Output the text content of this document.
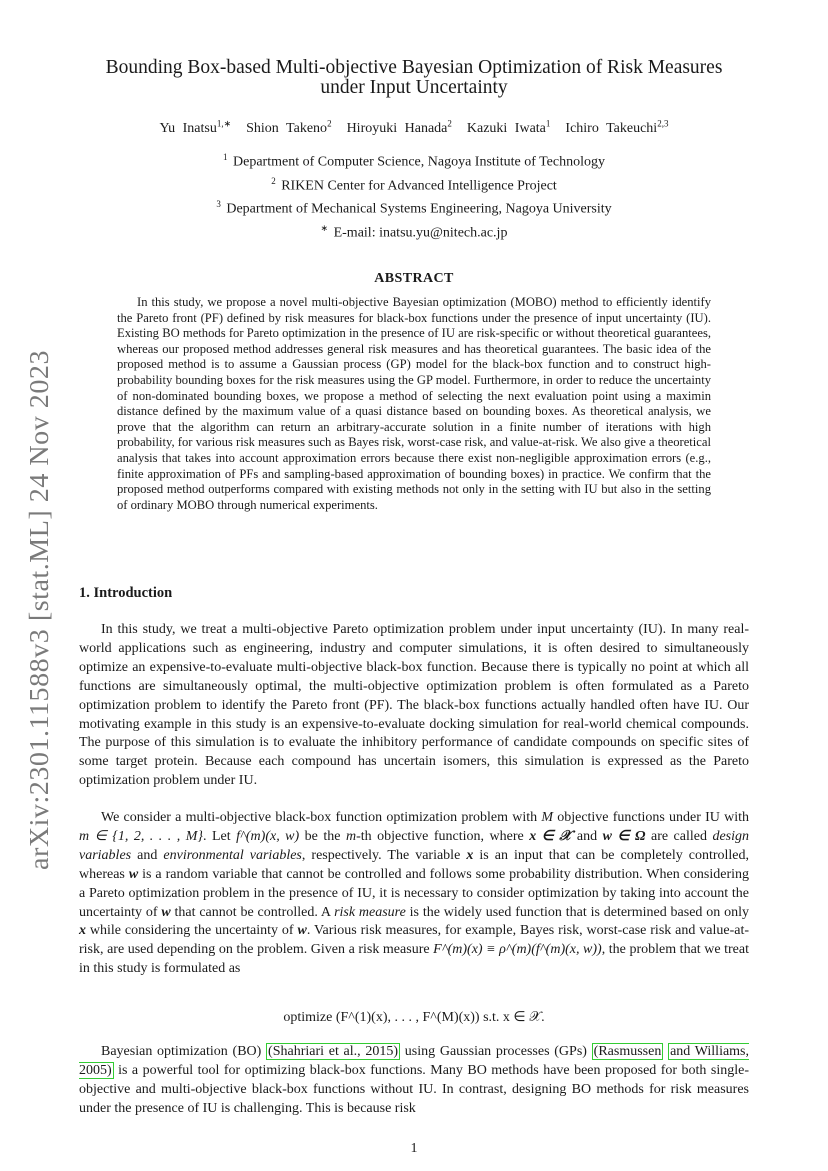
arXiv:2301.11588v3 [stat.ML] 24 Nov 2023
Bounding Box-based Multi-objective Bayesian Optimization of Risk Measures
under Input Uncertainty
Yu Inatsu$^{1,∗}$ Shion Takeno$^2$ Hiroyuki Hanada$^2$ Kazuki Iwata$^1$ Ichiro Takeuchi$^{2,3}$
$^1$ Department of Computer Science, Nagoya Institute of Technology
$^2$ RIKEN Center for Advanced Intelligence Project
$^3$ Department of Mechanical Systems Engineering, Nagoya University
∗ E-mail: inatsu.yu@nitech.ac.jp
ABSTRACT
In this study, we propose a novel multi-objective Bayesian optimization (MOBO) method to efficiently identify the Pareto front (PF) defined by risk measures for black-box functions under the presence of input uncertainty (IU). Existing BO methods for Pareto optimization in the presence of IU are risk-specific or without theoretical guarantees, whereas our proposed method addresses general risk measures and has theoretical guarantees. The basic idea of the proposed method is to assume a Gaussian process (GP) model for the black-box function and to construct high-probability bounding boxes for the risk measures using the GP model. Furthermore, in order to reduce the uncertainty of non-dominated bounding boxes, we propose a method of selecting the next evaluation point using a maximin distance defined by the maximum value of a quasi distance based on bounding boxes. As theoretical analysis, we prove that the algorithm can return an arbitrary-accurate solution in a finite number of iterations with high probability, for various risk measures such as Bayes risk, worst-case risk, and value-at-risk. We also give a theoretical analysis that takes into account approximation errors because there exist non-negligible approximation errors (e.g., finite approximation of PFs and sampling-based approximation of bounding boxes) in practice. We confirm that the proposed method outperforms compared with existing methods not only in the setting with IU but also in the setting of ordinary MOBO through numerical experiments.
1. Introduction
In this study, we treat a multi-objective Pareto optimization problem under input uncertainty (IU). In many real-world applications such as engineering, industry and computer simulations, it is often desired to simultaneously optimize an expensive-to-evaluate multi-objective black-box function. Because there is typically no point at which all functions are simultaneously optimal, the multi-objective optimization problem is often formulated as a Pareto optimization problem to identify the Pareto front (PF). The black-box functions actually handled often have IU. Our motivating example in this study is an expensive-to-evaluate docking simulation for real-world chemical compounds. The purpose of this simulation is to evaluate the inhibitory performance of candidate compounds on specific sites of some target protein. Because each compound has uncertain isomers, this simulation is expressed as the Pareto optimization problem under IU.
We consider a multi-objective black-box function optimization problem with M objective functions under IU with m ∈ {1, 2, . . . , M}. Let f^(m)(x, w) be the m-th objective function, where x ∈ 𝒳 and w ∈ Ω are called design variables and environmental variables, respectively. The variable x is an input that can be completely controlled, whereas w is a random variable that cannot be controlled and follows some probability distribution. When considering a Pareto optimization problem in the presence of IU, it is necessary to consider optimization by taking into account the uncertainty of w that cannot be controlled. A risk measure is the widely used function that is determined based on only x while considering the uncertainty of w. Various risk measures, for example, Bayes risk, worst-case risk and value-at-risk, are used depending on the problem. Given a risk measure F^(m)(x) ≡ ρ^(m)(f^(m)(x, w)), the problem that we treat in this study is formulated as
optimize (F^(1)(x), . . . , F^(M)(x)) s.t. x ∈ 𝒳.
Bayesian optimization (BO) (Shahriari et al., 2015) using Gaussian processes (GPs) (Rasmussen and Williams, 2005) is a powerful tool for optimizing black-box functions. Many BO methods have been proposed for both single-objective and multi-objective black-box functions without IU. In contrast, designing BO methods for risk measures under the presence of IU is challenging. This is because risk
1
